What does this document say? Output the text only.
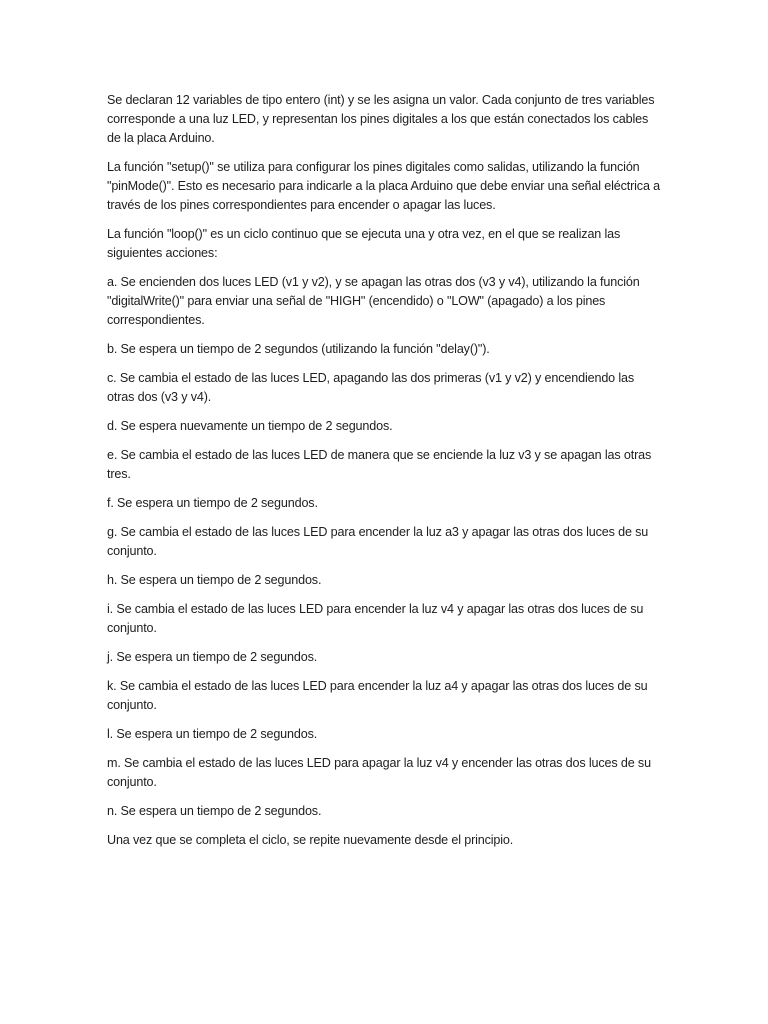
Se declaran 12 variables de tipo entero (int) y se les asigna un valor. Cada conjunto de tres variables corresponde a una luz LED, y representan los pines digitales a los que están conectados los cables de la placa Arduino.

La función "setup()" se utiliza para configurar los pines digitales como salidas, utilizando la función "pinMode()". Esto es necesario para indicarle a la placa Arduino que debe enviar una señal eléctrica a través de los pines correspondientes para encender o apagar las luces.

La función "loop()" es un ciclo continuo que se ejecuta una y otra vez, en el que se realizan las siguientes acciones:

a. Se encienden dos luces LED (v1 y v2), y se apagan las otras dos (v3 y v4), utilizando la función "digitalWrite()" para enviar una señal de "HIGH" (encendido) o "LOW" (apagado) a los pines correspondientes.

b. Se espera un tiempo de 2 segundos (utilizando la función "delay()").

c. Se cambia el estado de las luces LED, apagando las dos primeras (v1 y v2) y encendiendo las otras dos (v3 y v4).

d. Se espera nuevamente un tiempo de 2 segundos.

e. Se cambia el estado de las luces LED de manera que se enciende la luz v3 y se apagan las otras tres.

f. Se espera un tiempo de 2 segundos.

g. Se cambia el estado de las luces LED para encender la luz a3 y apagar las otras dos luces de su conjunto.

h. Se espera un tiempo de 2 segundos.

i. Se cambia el estado de las luces LED para encender la luz v4 y apagar las otras dos luces de su conjunto.

j. Se espera un tiempo de 2 segundos.

k. Se cambia el estado de las luces LED para encender la luz a4 y apagar las otras dos luces de su conjunto.

l. Se espera un tiempo de 2 segundos.

m. Se cambia el estado de las luces LED para apagar la luz v4 y encender las otras dos luces de su conjunto.

n. Se espera un tiempo de 2 segundos.

Una vez que se completa el ciclo, se repite nuevamente desde el principio.
